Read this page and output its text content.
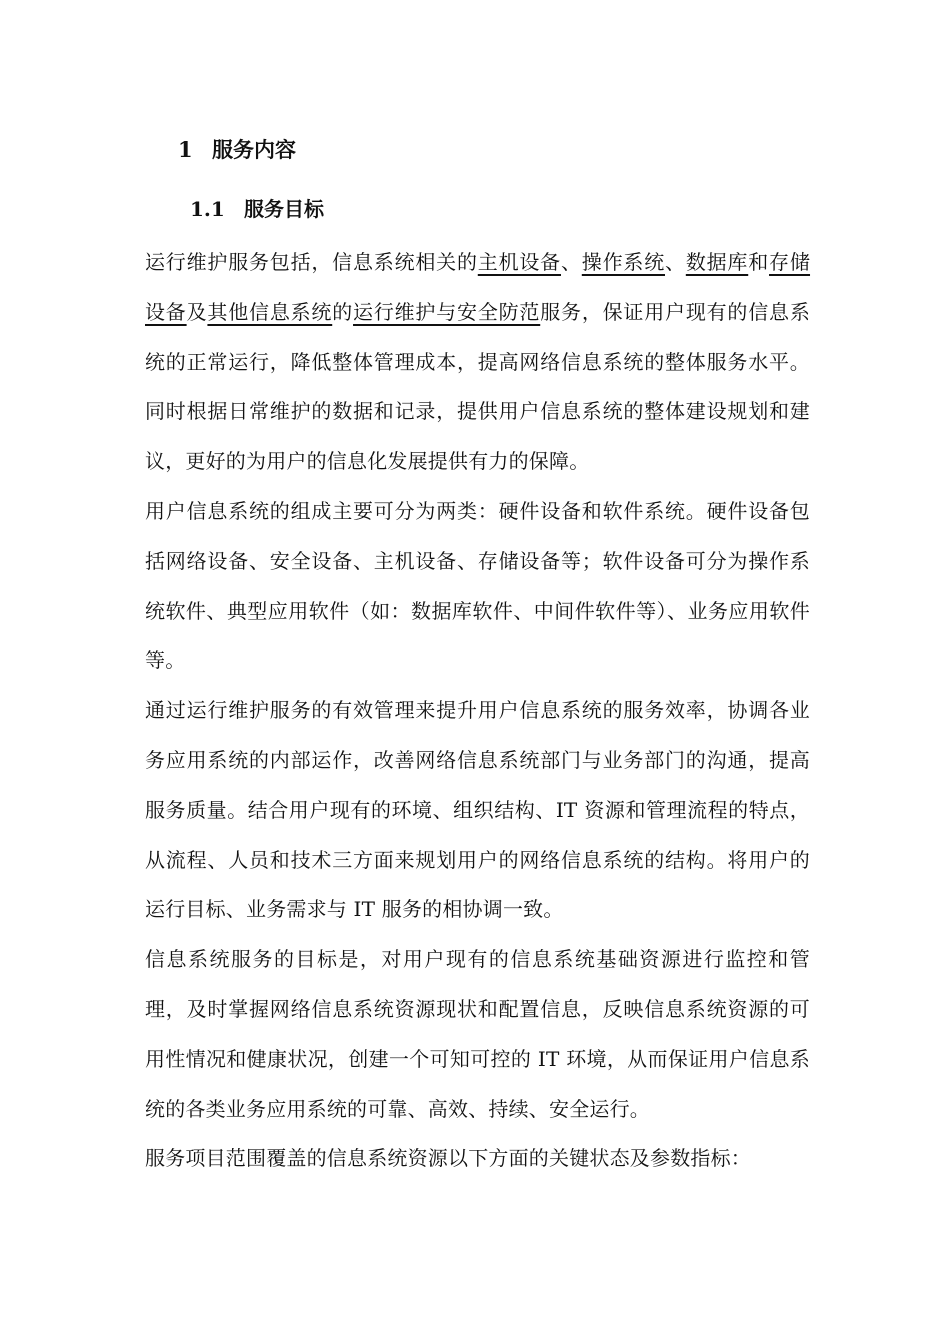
1 服务内容
1.1 服务目标

运行维护服务包括，信息系统相关的主机设备、操作系统、数据库和存储设备及其他信息系统的运行维护与安全防范服务，保证用户现有的信息系统的正常运行，降低整体管理成本，提高网络信息系统的整体服务水平。同时根据日常维护的数据和记录，提供用户信息系统的整体建设规划和建议，更好的为用户的信息化发展提供有力的保障。

用户信息系统的组成主要可分为两类：硬件设备和软件系统。硬件设备包括网络设备、安全设备、主机设备、存储设备等；软件设备可分为操作系统软件、典型应用软件（如：数据库软件、中间件软件等）、业务应用软件等。

通过运行维护服务的有效管理来提升用户信息系统的服务效率，协调各业务应用系统的内部运作，改善网络信息系统部门与业务部门的沟通，提高服务质量。结合用户现有的环境、组织结构、IT 资源和管理流程的特点，从流程、人员和技术三方面来规划用户的网络信息系统的结构。将用户的运行目标、业务需求与 IT 服务的相协调一致。

信息系统服务的目标是，对用户现有的信息系统基础资源进行监控和管理，及时掌握网络信息系统资源现状和配置信息，反映信息系统资源的可用性情况和健康状况，创建一个可知可控的 IT 环境，从而保证用户信息系统的各类业务应用系统的可靠、高效、持续、安全运行。

服务项目范围覆盖的信息系统资源以下方面的关键状态及参数指标：
